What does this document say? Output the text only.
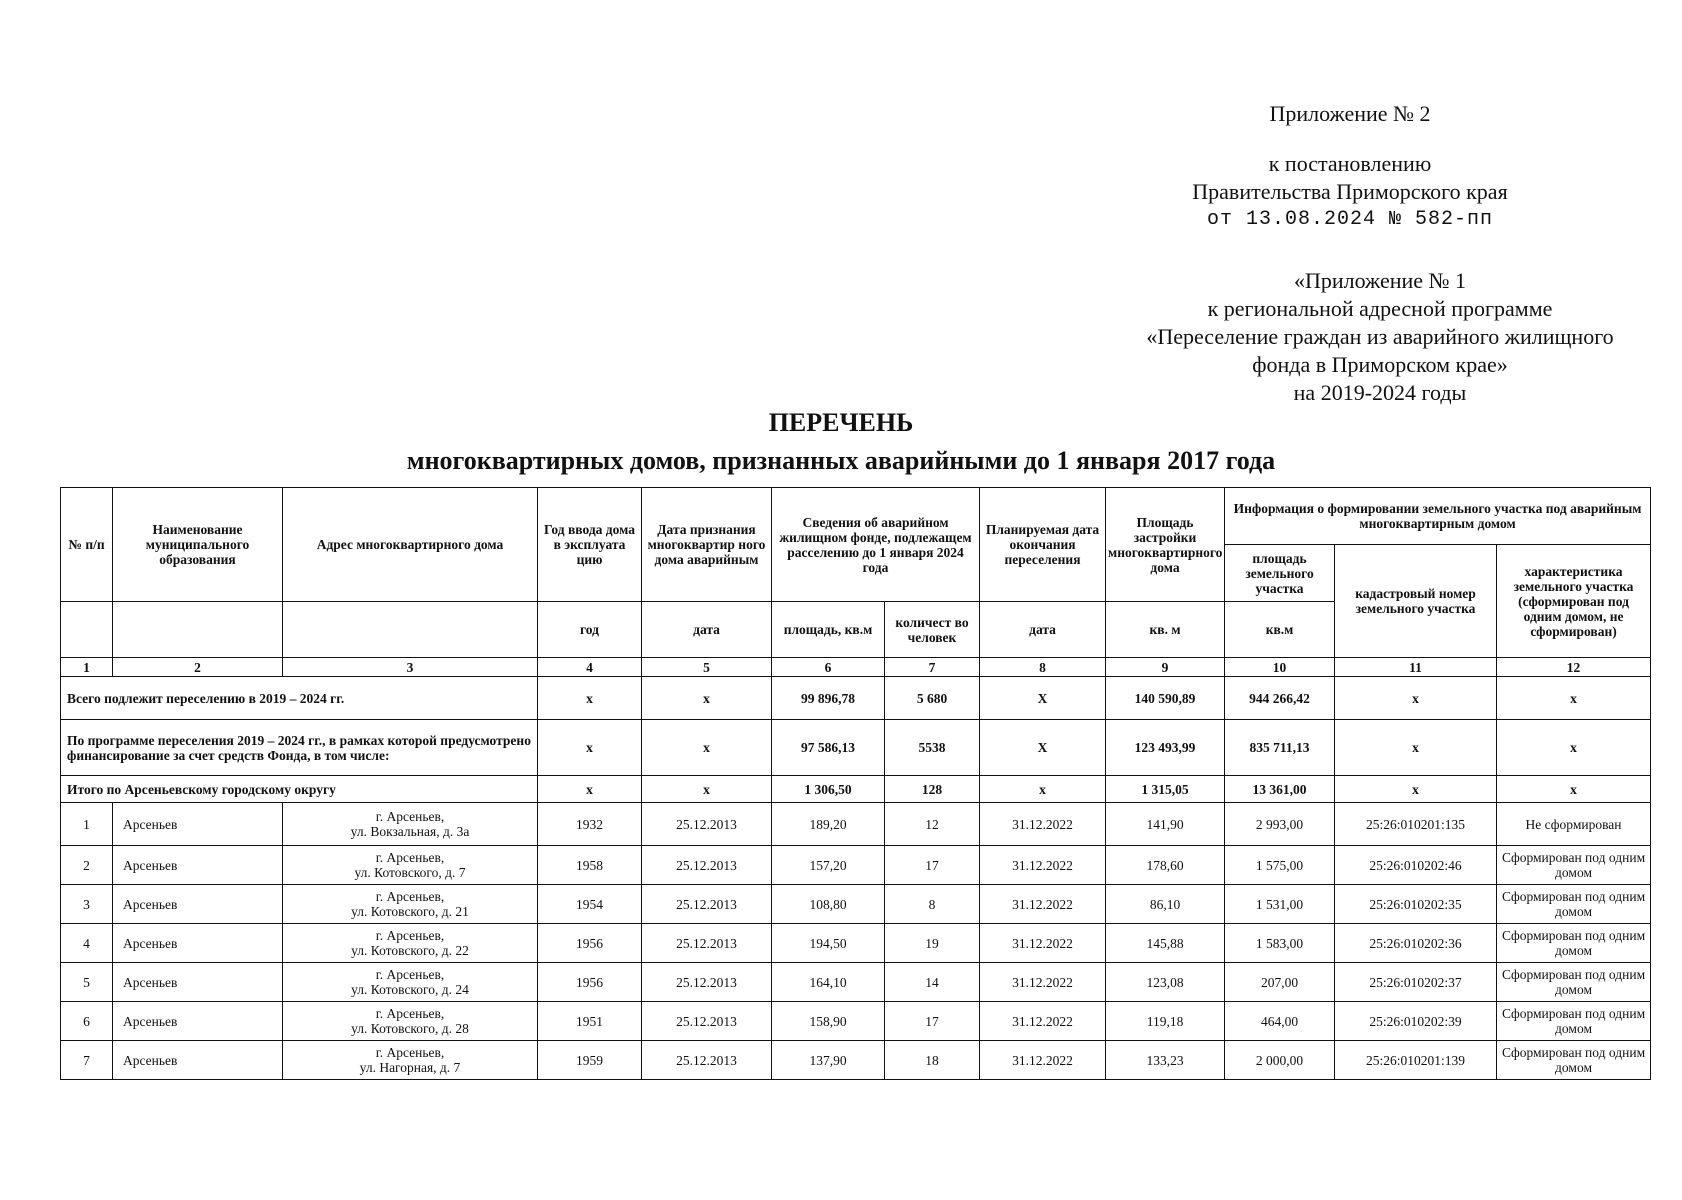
Приложение № 2
к постановлению
Правительства Приморского края
от 13.08.2024 № 582-пп
«Приложение № 1
к региональной адресной программе
«Переселение граждан из аварийного жилищного
фонда в Приморском крае»
на 2019-2024 годы
ПЕРЕЧЕНЬ
многоквартирных домов, признанных аварийными до 1 января 2017 года
№ п/п	Наименование муниципального образования	Адрес многоквартирного дома	Год ввода дома в эксплуата цию	Дата признания многоквартир ного дома аварийным	Сведения об аварийном жилищном фонде, подлежащем расселению до 1 января 2024 года		Планируемая дата окончания переселения	Площадь застройки многоквартирного дома	Информация о формировании земельного участка под аварийным многоквартирным домом		
									площадь земельного участка	кадастровый номер земельного участка	характеристика земельного участка (сформирован под одним домом, не сформирован)
			год	дата	площадь, кв.м	количест во человек	дата	кв. м	кв.м		
1	2	3	4	5	6	7	8	9	10	11	12
Всего подлежит переселению в 2019 – 2024 гг.			x	x	99 896,78	5 680	X	140 590,89	944 266,42	x	x
По программе переселения 2019 – 2024 гг., в рамках которой предусмотрено финансирование за счет средств Фонда, в том числе:			x	x	97 586,13	5538	X	123 493,99	835 711,13	x	x
Итого по Арсеньевскому городскому округу			x	x	1 306,50	128	x	1 315,05	13 361,00	x	x
1	Арсеньев	г. Арсеньев,
ул. Вокзальная, д. 3а	1932	25.12.2013	189,20	12	31.12.2022	141,90	2 993,00	25:26:010201:135	Не сформирован
2	Арсеньев	г. Арсеньев,
ул. Котовского, д. 7	1958	25.12.2013	157,20	17	31.12.2022	178,60	1 575,00	25:26:010202:46	Сформирован под одним домом
3	Арсеньев	г. Арсеньев,
ул. Котовского, д. 21	1954	25.12.2013	108,80	8	31.12.2022	86,10	1 531,00	25:26:010202:35	Сформирован под одним домом
4	Арсеньев	г. Арсеньев,
ул. Котовского, д. 22	1956	25.12.2013	194,50	19	31.12.2022	145,88	1 583,00	25:26:010202:36	Сформирован под одним домом
5	Арсеньев	г. Арсеньев,
ул. Котовского, д. 24	1956	25.12.2013	164,10	14	31.12.2022	123,08	207,00	25:26:010202:37	Сформирован под одним домом
6	Арсеньев	г. Арсеньев,
ул. Котовского, д. 28	1951	25.12.2013	158,90	17	31.12.2022	119,18	464,00	25:26:010202:39	Сформирован под одним домом
7	Арсеньев	г. Арсеньев,
ул. Нагорная, д. 7	1959	25.12.2013	137,90	18	31.12.2022	133,23	2 000,00	25:26:010201:139	Сформирован под одним домом
